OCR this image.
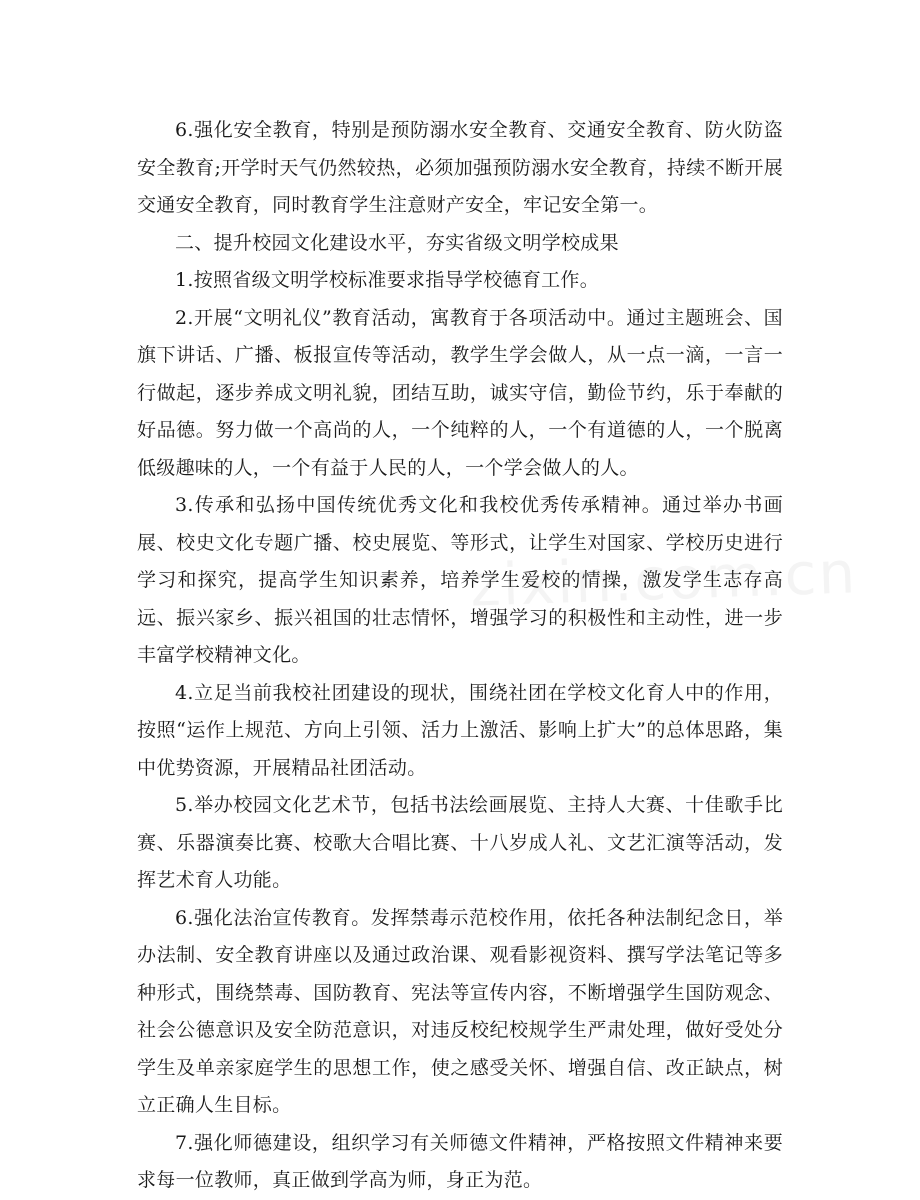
6.强化安全教育，特别是预防溺水安全教育、交通安全教育、防火防盗安全教育;开学时天气仍然较热，必须加强预防溺水安全教育，持续不断开展交通安全教育，同时教育学生注意财产安全，牢记安全第一。

二、提升校园文化建设水平，夯实省级文明学校成果

1.按照省级文明学校标准要求指导学校德育工作。

2.开展“文明礼仪”教育活动，寓教育于各项活动中。通过主题班会、国旗下讲话、广播、板报宣传等活动，教学生学会做人，从一点一滴，一言一行做起，逐步养成文明礼貌，团结互助，诚实守信，勤俭节约，乐于奉献的好品德。努力做一个高尚的人，一个纯粹的人，一个有道德的人，一个脱离低级趣味的人，一个有益于人民的人，一个学会做人的人。

3.传承和弘扬中国传统优秀文化和我校优秀传承精神。通过举办书画展、校史文化专题广播、校史展览、等形式，让学生对国家、学校历史进行学习和探究，提高学生知识素养，培养学生爱校的情操，激发学生志存高远、振兴家乡、振兴祖国的壮志情怀，增强学习的积极性和主动性，进一步丰富学校精神文化。

4.立足当前我校社团建设的现状，围绕社团在学校文化育人中的作用，按照“运作上规范、方向上引领、活力上激活、影响上扩大”的总体思路，集中优势资源，开展精品社团活动。

5.举办校园文化艺术节，包括书法绘画展览、主持人大赛、十佳歌手比赛、乐器演奏比赛、校歌大合唱比赛、十八岁成人礼、文艺汇演等活动，发挥艺术育人功能。

6.强化法治宣传教育。发挥禁毒示范校作用，依托各种法制纪念日，举办法制、安全教育讲座以及通过政治课、观看影视资料、撰写学法笔记等多种形式，围绕禁毒、国防教育、宪法等宣传内容，不断增强学生国防观念、社会公德意识及安全防范意识，对违反校纪校规学生严肃处理，做好受处分学生及单亲家庭学生的思想工作，使之感受关怀、增强自信、改正缺点，树立正确人生目标。

7.强化师德建设，组织学习有关师德文件精神，严格按照文件精神来要求每一位教师，真正做到学高为师，身正为范。
